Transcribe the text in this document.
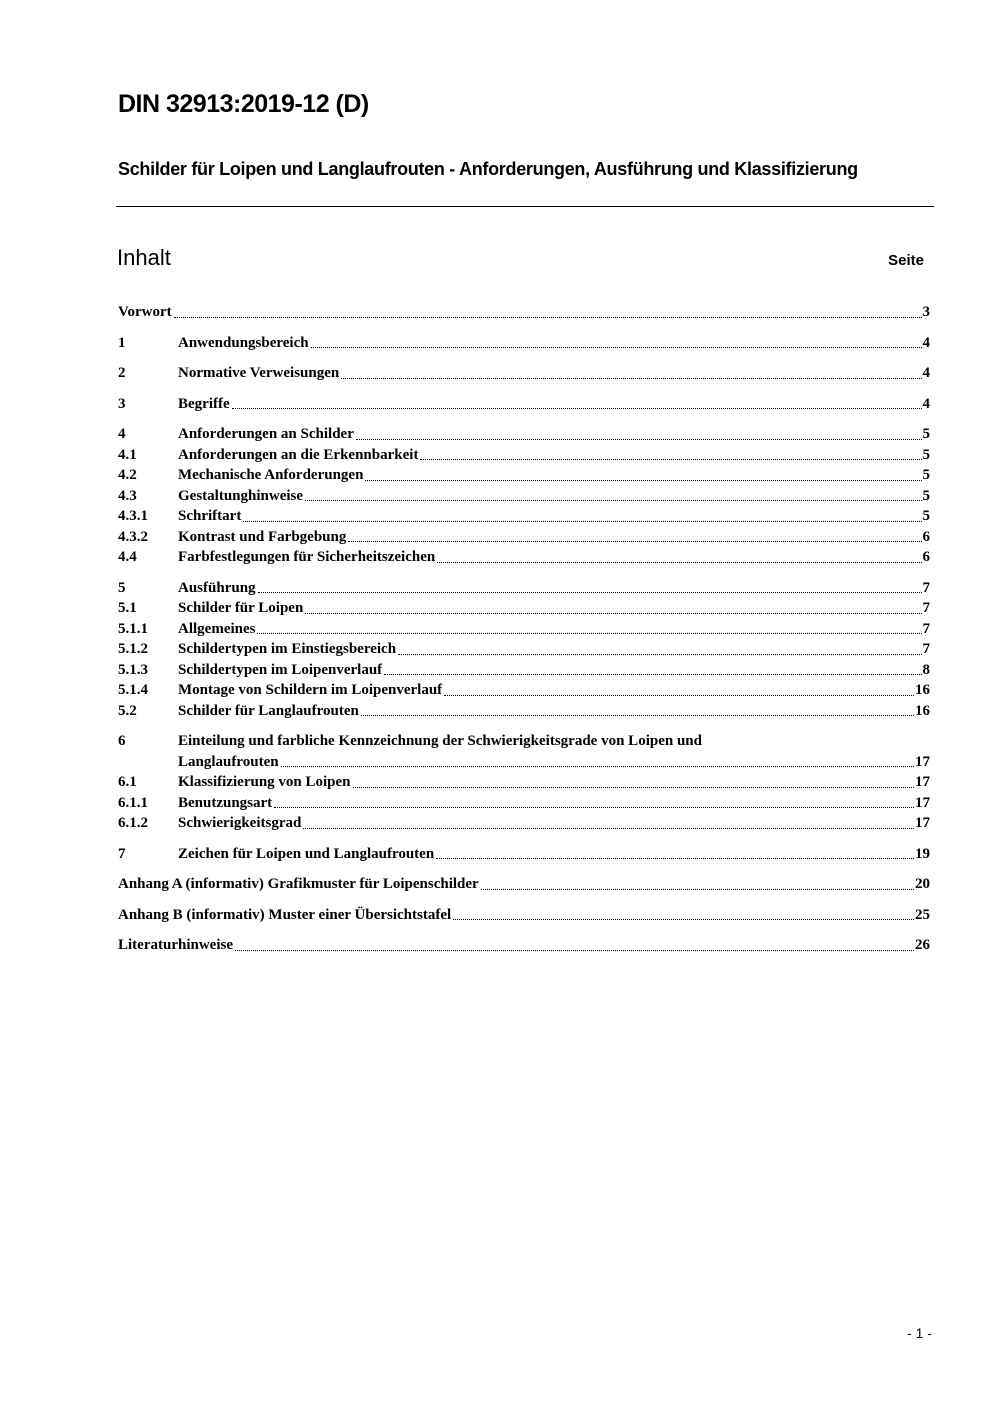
DIN 32913:2019-12 (D)
Schilder für Loipen und Langlaufrouten - Anforderungen, Ausführung und Klassifizierung
Inhalt	Seite
Vorwort	3
1	Anwendungsbereich	4
2	Normative Verweisungen	4
3	Begriffe	4
4	Anforderungen an Schilder	5
4.1	Anforderungen an die Erkennbarkeit	5
4.2	Mechanische Anforderungen	5
4.3	Gestaltunghinweise	5
4.3.1	Schriftart	5
4.3.2	Kontrast und Farbgebung	6
4.4	Farbfestlegungen für Sicherheitszeichen	6
5	Ausführung	7
5.1	Schilder für Loipen	7
5.1.1	Allgemeines	7
5.1.2	Schildertypen im Einstiegsbereich	7
5.1.3	Schildertypen im Loipenverlauf	8
5.1.4	Montage von Schildern im Loipenverlauf	16
5.2	Schilder für Langlaufrouten	16
6	Einteilung und farbliche Kennzeichnung der Schwierigkeitsgrade von Loipen und
Langlaufrouten	17
6.1	Klassifizierung von Loipen	17
6.1.1	Benutzungsart	17
6.1.2	Schwierigkeitsgrad	17
7	Zeichen für Loipen und Langlaufrouten	19
Anhang A (informativ) Grafikmuster für Loipenschilder	20
Anhang B (informativ) Muster einer Übersichtstafel	25
Literaturhinweise	26
- 1 -
